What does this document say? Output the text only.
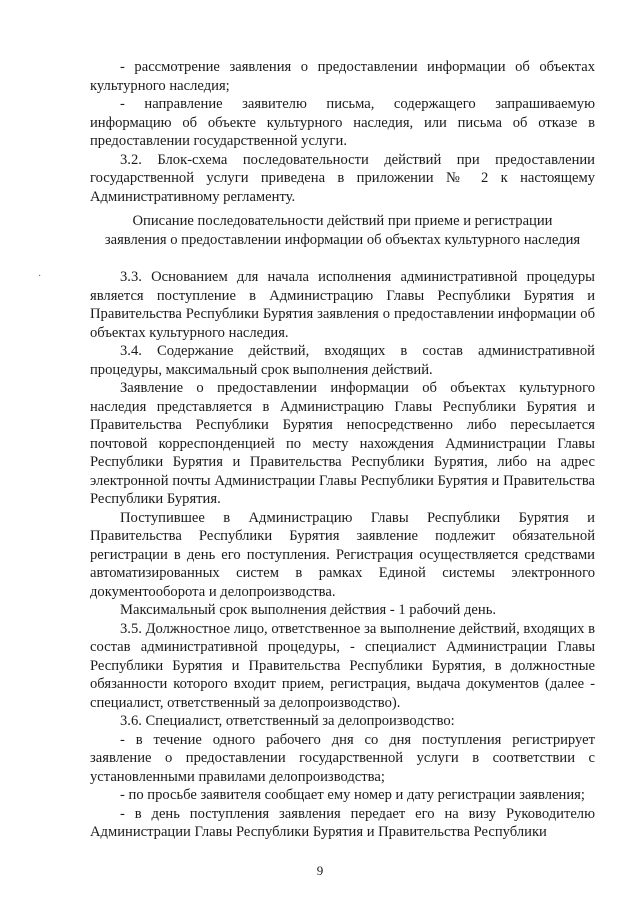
- рассмотрение заявления о предоставлении информации об объектах культурного наследия;

- направление заявителю письма, содержащего запрашиваемую информацию об объекте культурного наследия, или письма об отказе в предоставлении государственной услуги.

3.2. Блок-схема последовательности действий при предоставлении государственной услуги приведена в приложении № 2 к настоящему Административному регламенту.

Описание последовательности действий при приеме и регистрации

заявления о предоставлении информации об объектах культурного наследия

·	3.3. Основанием для начала исполнения административной процедуры является поступление в Администрацию Главы Республики Бурятия и Правительства Республики Бурятия заявления о предоставлении информации об объектах культурного наследия.

3.4. Содержание действий, входящих в состав административной процедуры, максимальный срок выполнения действий.

Заявление о предоставлении информации об объектах культурного наследия представляется в Администрацию Главы Республики Бурятия и Правительства Республики Бурятия непосредственно либо пересылается почтовой корреспонденцией по месту нахождения Администрации Главы Республики Бурятия и Правительства Республики Бурятия, либо на адрес электронной почты Администрации Главы Республики Бурятия и Правительства Республики Бурятия.

Поступившее в Администрацию Главы Республики Бурятия и Правительства Республики Бурятия заявление подлежит обязательной регистрации в день его поступления. Регистрация осуществляется средствами автоматизированных систем в рамках Единой системы электронного документооборота и делопроизводства.

Максимальный срок выполнения действия - 1 рабочий день.

3.5. Должностное лицо, ответственное за выполнение действий, входящих в состав административной процедуры, - специалист Администрации Главы Республики Бурятия и Правительства Республики Бурятия, в должностные обязанности которого входит прием, регистрация, выдача документов (далее - специалист, ответственный за делопроизводство).

3.6. Специалист, ответственный за делопроизводство:

- в течение одного рабочего дня со дня поступления регистрирует заявление о предоставлении государственной услуги в соответствии с установленными правилами делопроизводства;

- по просьбе заявителя сообщает ему номер и дату регистрации заявления;

- в день поступления заявления передает его на визу Руководителю Администрации Главы Республики Бурятия и Правительства Республики

9
